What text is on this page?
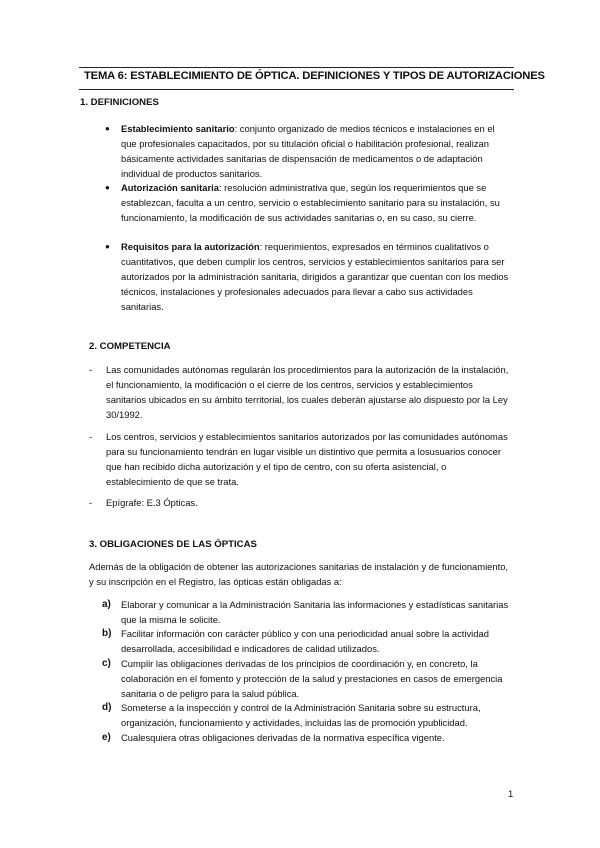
TEMA 6: ESTABLECIMIENTO DE ÓPTICA. DEFINICIONES Y TIPOS DE AUTORIZACIONES
1. DEFINICIONES
● Establecimiento sanitario: conjunto organizado de medios técnicos e instalaciones en el que profesionales capacitados, por su titulación oficial o habilitación profesional, realizan básicamente actividades sanitarias de dispensación de medicamentos o de adaptación individual de productos sanitarios.
● Autorización sanitaria: resolución administrativa que, según los requerimientos que se establezcan, faculta a un centro, servicio o establecimiento sanitario para su instalación, su funcionamiento, la modificación de sus actividades sanitarias o, en su caso, su cierre.
● Requisitos para la autorización: requerimientos, expresados en términos cualitativos o cuantitativos, que deben cumplir los centros, servicios y establecimientos sanitarios para ser autorizados por la administración sanitaria, dirigidos a garantizar que cuentan con los medios técnicos, instalaciones y profesionales adecuados para llevar a cabo sus actividades sanitarias.
2. COMPETENCIA
- Las comunidades autónomas regularán los procedimientos para la autorización de la instalación, el funcionamiento, la modificación o el cierre de los centros, servicios y establecimientos sanitarios ubicados en su ámbito territorial, los cuales deberán ajustarse alo dispuesto por la Ley 30/1992.
- Los centros, servicios y establecimientos sanitarios autorizados por las comunidades autónomas para su funcionamiento tendrán en lugar visible un distintivo que permita a losusuarios conocer que han recibido dicha autorización y el tipo de centro, con su oferta asistencial, o establecimiento de que se trata.
- Epígrafe: E.3 Ópticas.
3. OBLIGACIONES DE LAS ÓPTICAS
Además de la obligación de obtener las autorizaciones sanitarias de instalación y de funcionamiento, y su inscripción en el Registro, las ópticas están obligadas a:
a) Elaborar y comunicar a la Administración Sanitaria las informaciones y estadísticas sanitarias que la misma le solicite.
b) Facilitar información con carácter público y con una periodicidad anual sobre la actividad desarrollada, accesibilidad e indicadores de calidad utilizados.
c) Cumplir las obligaciones derivadas de los principios de coordinación y, en concreto, la colaboración en el fomento y protección de la salud y prestaciones en casos de emergencia sanitaria o de peligro para la salud pública.
d) Someterse a la inspección y control de la Administración Sanitaria sobre su estructura, organización, funcionamiento y actividades, incluidas las de promoción ypublicidad.
e) Cualesquiera otras obligaciones derivadas de la normativa específica vigente.
1
